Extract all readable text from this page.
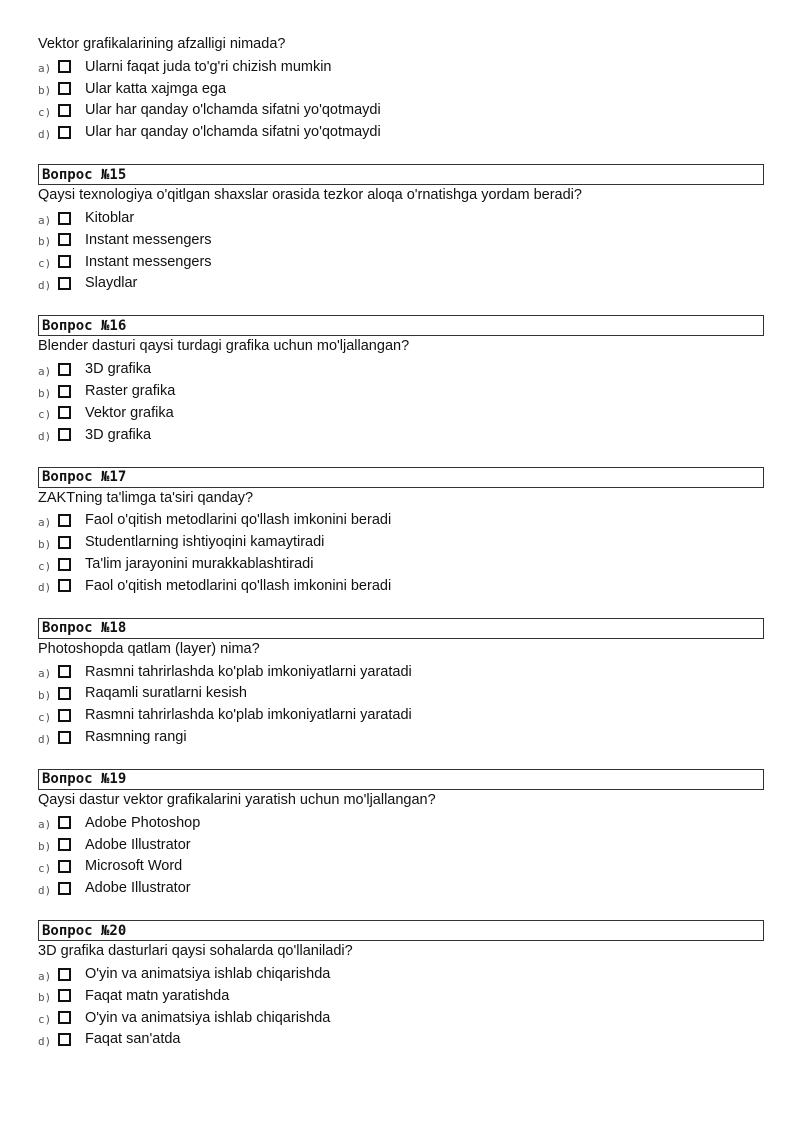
Vektor grafikalarining afzalligi nimada?
a)	Ularni faqat juda to'g'ri chizish mumkin
b)	Ular katta xajmga ega
c)	Ular har qanday o'lchamda sifatni yo'qotmaydi
d)	Ular har qanday o'lchamda sifatni yo'qotmaydi
Вопрос №15
Qaysi texnologiya o'qitlgan shaxslar orasida tezkor aloqa o'rnatishga yordam beradi?
a)	Kitoblar
b)	Instant messengers
c)	Instant messengers
d)	Slaydlar
Вопрос №16
Blender dasturi qaysi turdagi grafika uchun mo'ljallangan?
a)	3D grafika
b)	Raster grafika
c)	Vektor grafika
d)	3D grafika
Вопрос №17
ZAKTning ta'limga ta'siri qanday?
a)	Faol o'qitish metodlarini qo'llash imkonini beradi
b)	Studentlarning ishtiyoqini kamaytiradi
c)	Ta'lim jarayonini murakkablashtiradi
d)	Faol o'qitish metodlarini qo'llash imkonini beradi
Вопрос №18
Photoshopda qatlam (layer) nima?
a)	Rasmni tahrirlashda ko'plab imkoniyatlarni yaratadi
b)	Raqamli suratlarni kesish
c)	Rasmni tahrirlashda ko'plab imkoniyatlarni yaratadi
d)	Rasmning rangi
Вопрос №19
Qaysi dastur vektor grafikalarini yaratish uchun mo'ljallangan?
a)	Adobe Photoshop
b)	Adobe Illustrator
c)	Microsoft Word
d)	Adobe Illustrator
Вопрос №20
3D grafika dasturlari qaysi sohalarda qo'llaniladi?
a)	O'yin va animatsiya ishlab chiqarishda
b)	Faqat matn yaratishda
c)	O'yin va animatsiya ishlab chiqarishda
d)	Faqat san'atda
